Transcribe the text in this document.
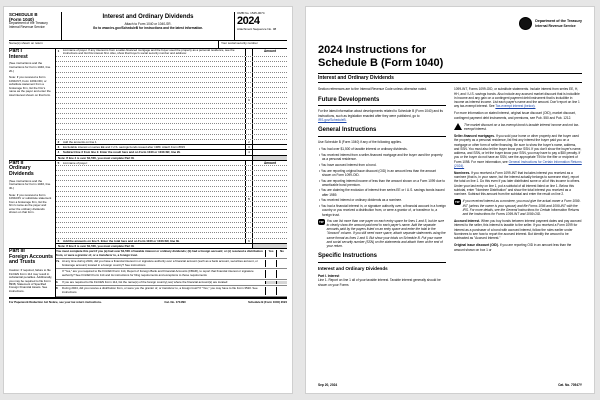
SCHEDULE B
(Form 1040)
Department of the Treasury
Internal Revenue Service
Interest and Ordinary Dividends
Attach to Form 1040 or 1040-SR.
Go to www.irs.gov/ScheduleB for instructions and the latest information.
OMB No. 1545-0074
2024
Attachment Sequence No. 08
Name(s) shown on return	Your social security number
Part I
Interest
(See instructions and the Instructions for Form 1040, line 2b.)
Note: If you received a Form 1099-INT, Form 1099-OID, or substitute statement from a brokerage firm, list the firm's name as the payer and enter the total interest shown on that form.
1	List name of payer. If any interest is from a seller-financed mortgage and the buyer used the property as a personal residence, see the instructions and list this interest first. Also, show that buyer's social security number and address:
Amount
1
2	Add the amounts on line 1	2
3	Excludable interest on series EE and I U.S. savings bonds issued after 1989. Attach Form 8815	3
4	Subtract line 3 from line 2. Enter the result here and on Form 1040 or 1040-SR, line 2b	4
Note: If line 4 is over $1,500, you must complete Part III.
Part II
Ordinary Dividends
(See instructions and the Instructions for Form 1040, line 3b.)
Note: If you received a Form 1099-DIV or substitute statement from a brokerage firm, list the firm's name as the payer and enter the ordinary dividends shown on that form.
5	List name of payer:	Amount
5
6	Add the amounts on line 5. Enter the total here and on Form 1040 or 1040-SR, line 3b	6
Note: If line 6 is over $1,500, you must complete Part III.
Part III
Foreign Accounts and Trusts
Caution: If required, failure to file FinCEN Form 114 may result in substantial penalties. Additionally, you may be required to file Form 8938, Statement of Specified Foreign Financial Assets. See instructions.
You must complete this part if you (a) had over $1,500 of taxable interest or ordinary dividends; (b) had a foreign account; or (c) received a distribution from, or were a grantor of, or a transferor to, a foreign trust.
Yes	No
7a At any time during 2024, did you have a financial interest in or signature authority over a financial account (such as a bank account, securities account, or brokerage account) located in a foreign country? See instructions
If "Yes," are you required to file FinCEN Form 114, Report of Foreign Bank and Financial Accounts (FBAR), to report that financial interest or signature authority? See FinCEN Form 114 and its instructions for filing requirements and exceptions to those requirements
b	If you are required to file FinCEN Form 114, list the name(s) of the foreign country(-ies) where the financial account(s) are located:
8	During 2024, did you receive a distribution from, or were you the grantor of, or transferor to, a foreign trust? If "Yes," you may have to file Form 3520. See instructions
For Paperwork Reduction Act Notice, see your tax return instructions.	Cat. No. 17146N	Schedule B (Form 1040) 2024
Department of the Treasury
Internal Revenue Service
2024 Instructions for
Schedule B (Form 1040)
Interest and Ordinary Dividends

Section references are to the Internal Revenue Code unless otherwise noted.

Future Developments

For the latest information about developments related to Schedule B (Form 1040) and its instructions, such as legislation enacted after they were published, go to IRS.gov/ScheduleB.

General Instructions

Use Schedule B (Form 1040) if any of the following applies.

• You had over $1,500 of taxable interest or ordinary dividends.
• You received interest from a seller-financed mortgage and the buyer used the property as a personal residence.
• You have accrued interest from a bond.
• You are reporting original issue discount (OID) in an amount less than the amount shown on Form 1099-OID.
• You are reporting interest income of less than the amount shown on a Form 1099 due to amortizable bond premium.
• You are claiming the exclusion of interest from series EE or I U.S. savings bonds issued after 1989.
• You received interest or ordinary dividends as a nominee.
• You had a financial interest in, or signature authority over, a financial account in a foreign country or you received a distribution from, or were a grantor of, or transferor to, a foreign trust.
TIP You can list more than one payer on each entry space for lines 1 and 5, but be sure to clearly show the amount paid next to each payer's name. Add the separate amounts paid by the payers listed on an entry space and enter the total in the "Amount" column. If you still need more space, attach separate statements using the same format as lines 1 and 5. But show your totals on Schedule B. Put your name and social security number (SSN) on the statements and attach them at the end of your return.
Specific Instructions
Interest and Ordinary Dividends
Part I. Interest

Line 1. Report on line 1 all of your taxable interest. Taxable interest generally should be shown on your Forms

1099-INT, Forms 1099-OID, or substitute statements. Include interest from series EE, H, HH, and I U.S. savings bonds. Also include any accrued market discount that is includible in income and any gain on a contingent payment debt instrument that is includible in income as interest income. List each payer's name and the amount. Don't report on line 1 any tax-exempt interest. See Tax-exempt interest (below).

For more information on stated interest, original issue discount (OID), market discount, contingent payment debt instruments, and premiums, see Pub. 550 and Pub. 1212.

The market discount on a tax-exempt bond is taxable interest income and not tax-exempt interest.

Seller-financed mortgages. If you sold your home or other property and the buyer used the property as a personal residence, list first any interest the buyer paid you on a mortgage or other form of seller financing. Be sure to show the buyer's name, address, and SSN. You must also let the buyer know your SSN. If you don't show the buyer's name, address, and SSN, or let the buyer know your SSN, you may have to pay a $50 penalty. If you or the buyer do not have an SSN, see the appropriate TIN for the filer or recipient of Form 1098. For more information, see General Instructions for Certain Information Returns (2024).

Nominees. If you received a Form 1099-INT that includes interest you received as a nominee (that is, in your name, but the interest actually belongs to someone else), report the total on line 1. Do this even if you later distributed some or all of this income to others. Under your last entry on line 1, put a subtotal of all interest listed on line 1. Below this subtotal, enter "Nominee Distribution" and show the total interest you received as a nominee. Subtract this amount from the subtotal and enter the result on line 2.

TIP If you received interest as a nominee, you must give the actual owner a Form 1099-INT (unless the owner is your spouse) and file Forms 1096 and 1099-INT with the IRS. For more details, see the General Instructions for Certain Information Returns and the Instructions for Forms 1099-INT and 1099-OID.

Accrued interest. When you buy bonds between interest payment dates and pay accrued interest to the seller, this interest is taxable to the seller. If you received a Form 1099 for interest as a purchaser of a bond with accrued interest, follow the rules earlier under Nominees to see how to report the accrued interest. But identify the amount to be subtracted as "Accrued Interest."

Original issue discount (OID). If you are reporting OID in an amount less than the amount shown on box 1 or

Sep 20, 2024	Cat. No. 70547Y
